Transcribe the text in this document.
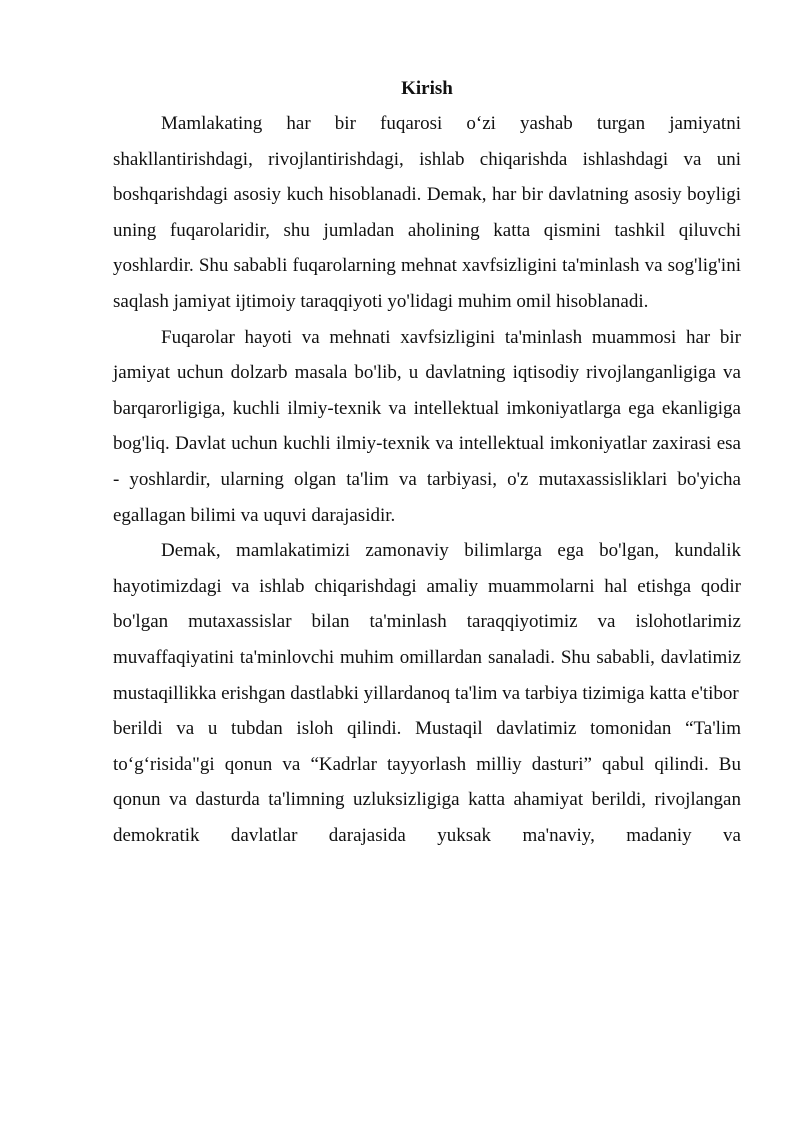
Kirish

Mamlakating har bir fuqarosi o‘zi yashab turgan jamiyatni shakllantirishdagi, rivojlantirishdagi, ishlab chiqarishda ishlashdagi va uni boshqarishdagi asosiy kuch hisoblanadi. Demak, har bir davlatning asosiy boyligi uning fuqarolaridir, shu jumladan aholining katta qismini tashkil qiluvchi yoshlardir. Shu sababli fuqarolarning mehnat xavfsizligini ta'minlash va sog'lig'ini saqlash jamiyat ijtimoiy taraqqiyoti yo'lidagi muhim omil hisoblanadi.

Fuqarolar hayoti va mehnati xavfsizligini ta'minlash muammosi har bir jamiyat uchun dolzarb masala bo'lib, u davlatning iqtisodiy rivojlanganligiga va barqarorligiga, kuchli ilmiy-texnik va intellektual imkoniyatlarga ega ekanligiga bog'liq. Davlat uchun kuchli ilmiy-texnik va intellektual imkoniyatlar zaxirasi esa - yoshlardir, ularning olgan ta'lim va tarbiyasi, o'z mutaxassisliklari bo'yicha egallagan bilimi va uquvi darajasidir.

Demak, mamlakatimizi zamonaviy bilimlarga ega bo'lgan, kundalik hayotimizdagi va ishlab chiqarishdagi amaliy muammolarni hal etishga qodir bo'lgan mutaxassislar bilan ta'minlash taraqqiyotimiz va islohotlarimiz muvaffaqiyatini ta'minlovchi muhim omillardan sanaladi. Shu sababli, davlatimiz mustaqillikka erishgan dastlabki yillardanoq ta'lim va tarbiya tizimiga katta e'tibor

berildi va u tubdan isloh qilindi. Mustaqil davlatimiz tomonidan “Ta'lim to‘g‘risida"gi qonun va “Kadrlar tayyorlash milliy dasturi” qabul qilindi. Bu qonun va dasturda ta'limning uzluksizligiga katta ahamiyat berildi, rivojlangan demokratik davlatlar darajasida yuksak ma'naviy, madaniy va
